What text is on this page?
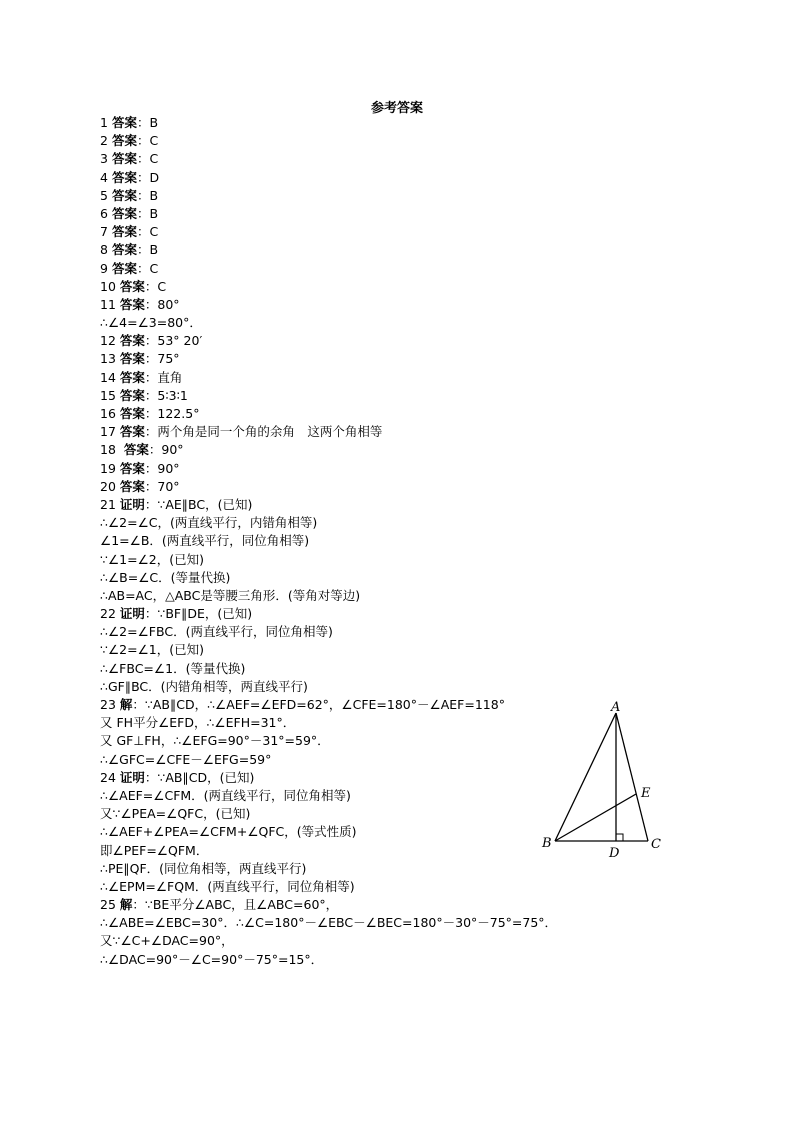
参考答案
1 答案：B
2 答案：C
3 答案：C
4 答案：D
5 答案：B
6 答案：B
7 答案：C
8 答案：B
9 答案：C
10 答案：C
11 答案：80°
∴∠4=∠3=80°．
12 答案：53° 20′
13 答案：75°
14 答案：直角
15 答案：5∶3∶1
16 答案：122.5°
17 答案：两个角是同一个角的余角　这两个角相等
18  答案：90°
19 答案：90°
20 答案：70°
21 证明：∵AE∥BC，(已知)
∴∠2=∠C，(两直线平行，内错角相等)
∠1=∠B．(两直线平行，同位角相等)
∵∠1=∠2，(已知)
∴∠B=∠C．(等量代换)
∴AB=AC，△ABC是等腰三角形．(等角对等边)
22 证明：∵BF∥DE，(已知)
∴∠2=∠FBC．(两直线平行，同位角相等)
∵∠2=∠1，(已知)
∴∠FBC=∠1．(等量代换)
∴GF∥BC．(内错角相等，两直线平行)
23 解：∵AB∥CD，∴∠AEF=∠EFD=62°，∠CFE=180°－∠AEF=118°
又 FH平分∠EFD，∴∠EFH=31°．
又 GF⊥FH，∴∠EFG=90°－31°=59°．
∴∠GFC=∠CFE－∠EFG=59°
24 证明：∵AB∥CD，(已知)
∴∠AEF=∠CFM．(两直线平行，同位角相等)
又∵∠PEA=∠QFC，(已知)
∴∠AEF+∠PEA=∠CFM+∠QFC，(等式性质)
即∠PEF=∠QFM．
∴PE∥QF．(同位角相等，两直线平行)
∴∠EPM=∠FQM．(两直线平行，同位角相等)
25 解：∵BE平分∠ABC，且∠ABC=60°，
∴∠ABE=∠EBC=30°．∴∠C=180°－∠EBC－∠BEC=180°－30°－75°=75°．
又∵∠C+∠DAC=90°，
∴∠DAC=90°－∠C=90°－75°=15°．
A
B	C
D
E
